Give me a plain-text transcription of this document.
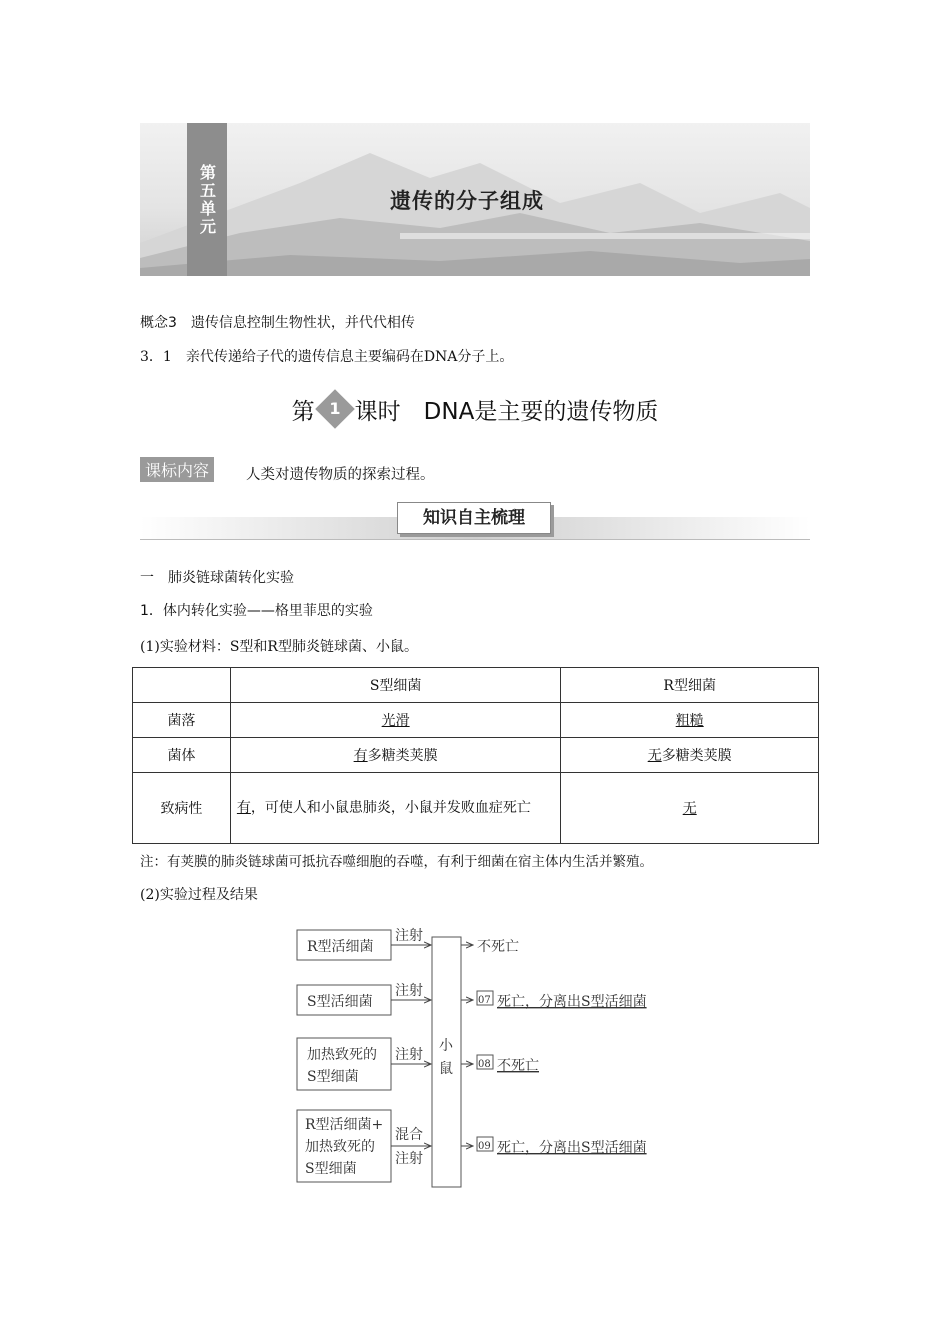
第五单元	遗传的分子组成
概念3　遗传信息控制生物性状，并代代相传
3．1　亲代传递给子代的遗传信息主要编码在DNA分子上。
第 1 课时　DNA是主要的遗传物质
课标内容	人类对遗传物质的探索过程。
知识自主梳理
一　肺炎链球菌转化实验
1．体内转化实验——格里菲思的实验
(1)实验材料：S型和R型肺炎链球菌、小鼠。
	S型细菌	R型细菌
菌落	光滑	粗糙
菌体	有多糖类荚膜	无多糖类荚膜
致病性	有，可使人和小鼠患肺炎，小鼠并发败血症死亡	无
注：有荚膜的肺炎链球菌可抵抗吞噬细胞的吞噬，有利于细菌在宿主体内生活并繁殖。
(2)实验过程及结果
R型活细菌
注射
不死亡
S型活细菌
注射
07 死亡，分离出S型活细菌
加热致死的
S型细菌
注射
08 不死亡
R型活细菌+
加热致死的
S型细菌
混合
注射
09 死亡，分离出S型活细菌
小
鼠
